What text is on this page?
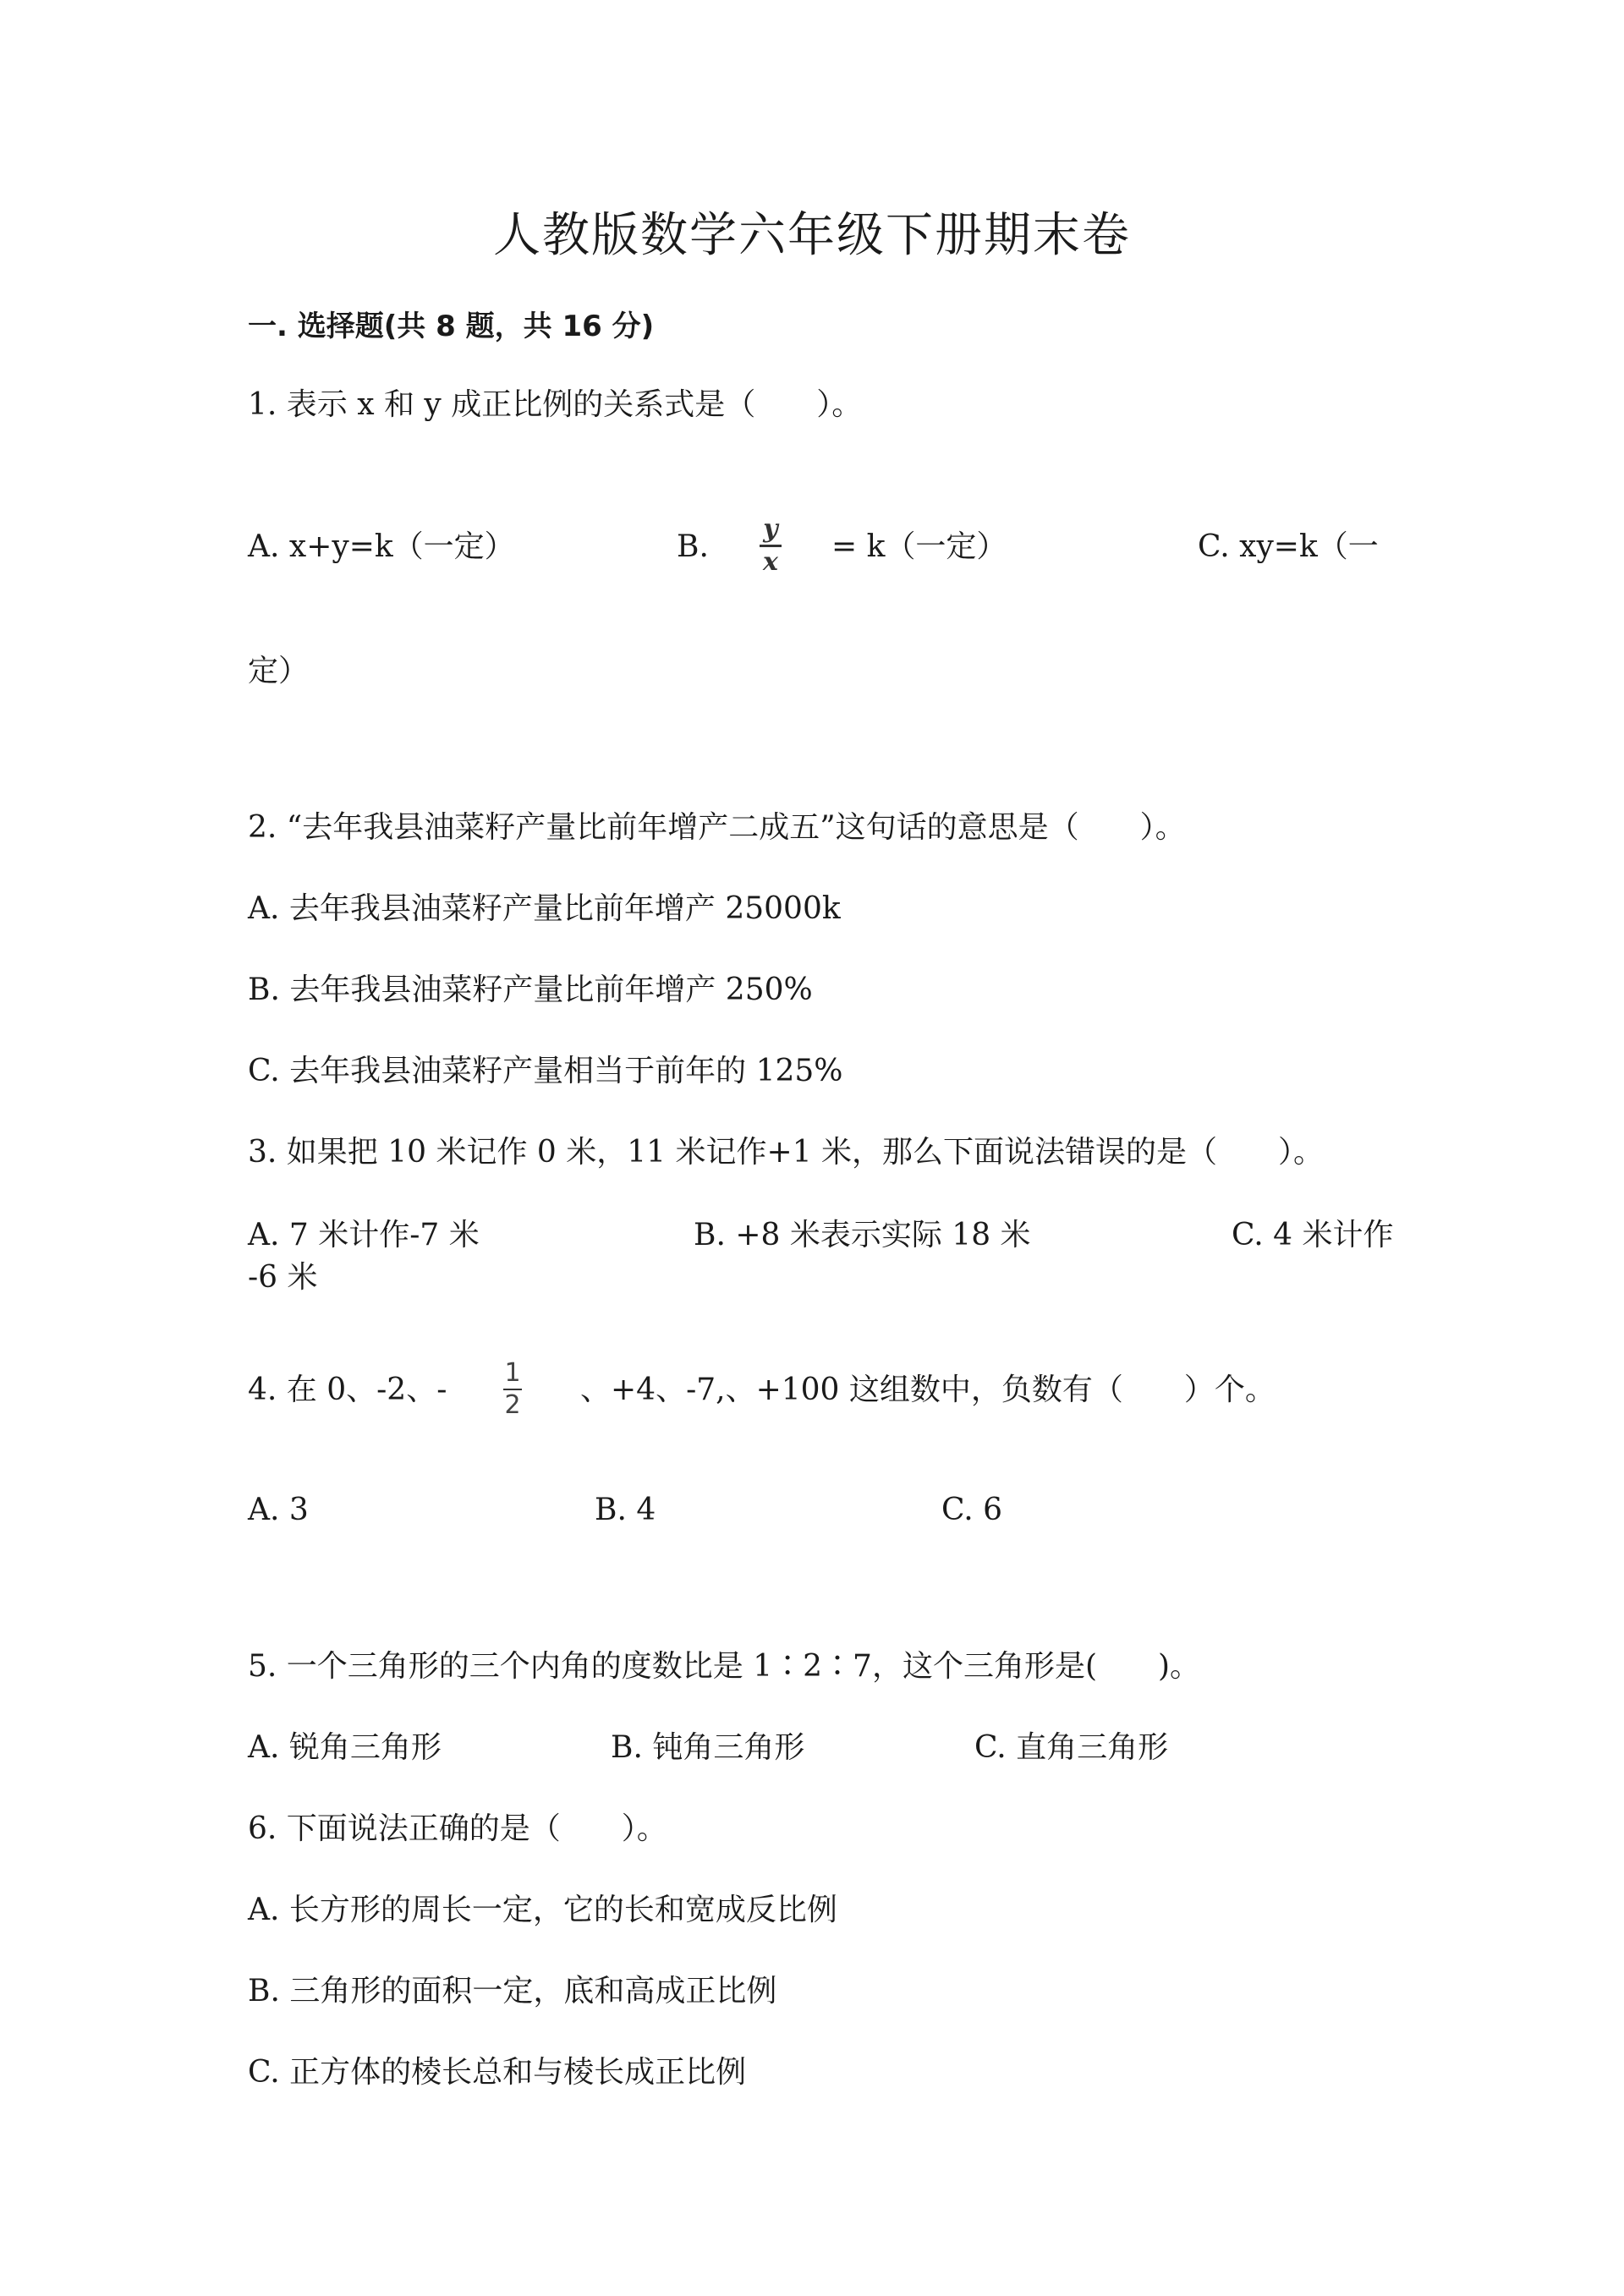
人教版数学六年级下册期末卷
一. 选择题(共 8 题，共 16 分)
1. 表示 x 和 y 成正比例的关系式是（　　）。
A. x+y=k（一定）	B.
y
x = k（一定）	C. xy=k（一
定）
2. “去年我县油菜籽产量比前年增产二成五”这句话的意思是（　　）。
A. 去年我县油菜籽产量比前年增产 25000k
B. 去年我县油菜籽产量比前年增产 250%
C. 去年我县油菜籽产量相当于前年的 125%
3. 如果把 10 米记作 0 米，11 米记作+1 米，那么下面说法错误的是（　　）。
A. 7 米计作-7 米	B. +8 米表示实际 18 米	C. 4 米计作
-6 米
4. 在 0、-2、- 1
2 、+4、-7,、+100 这组数中，负数有（　　）个。
A. 3	B. 4	C. 6
5. 一个三角形的三个内角的度数比是 1∶2∶7，这个三角形是(　　)。
A. 锐角三角形	B. 钝角三角形	C. 直角三角形
6. 下面说法正确的是（　　）。
A. 长方形的周长一定，它的长和宽成反比例
B. 三角形的面积一定，底和高成正比例
C. 正方体的棱长总和与棱长成正比例
